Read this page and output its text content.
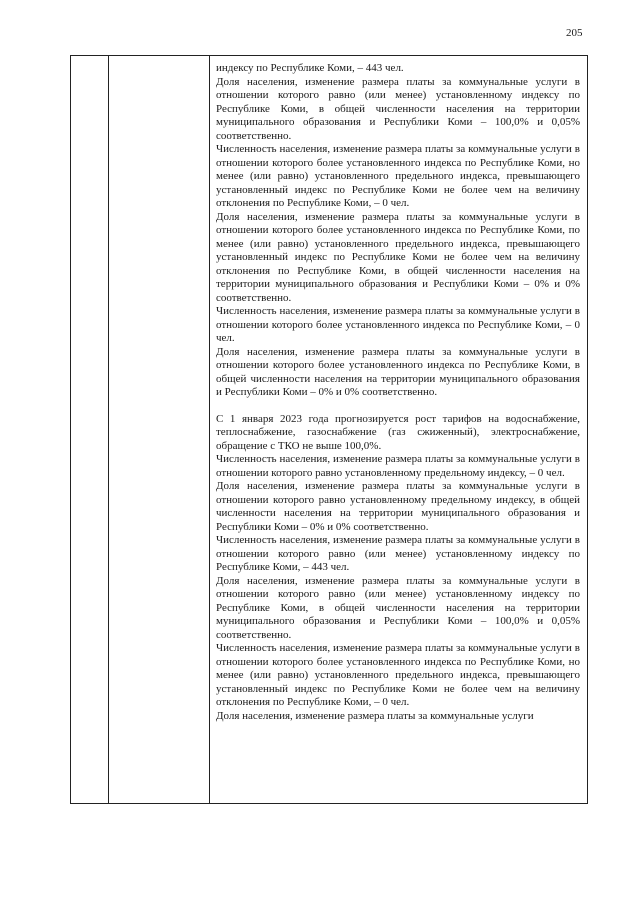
205

индексу по Республике Коми, – 443 чел.

Доля населения, изменение размера платы за коммунальные услуги в отношении которого равно (или менее) установленному индексу по Республике Коми, в общей численности населения на территории муниципального образования и Республики Коми – 100,0% и 0,05% соответственно.

Численность населения, изменение размера платы за коммунальные услуги в отношении которого более установленного индекса по Республике Коми, но менее (или равно) установленного предельного индекса, превышающего установленный индекс по Республике Коми не более чем на величину отклонения по Республике Коми, – 0 чел.

Доля населения, изменение размера платы за коммунальные услуги в отношении которого более установленного индекса по Республике Коми, по менее (или равно) установленного предельного индекса, превышающего установленный индекс по Республике Коми не более чем на величину отклонения по Республике Коми, в общей численности населения на территории муниципального образования и Республики Коми – 0% и 0% соответственно.

Численность населения, изменение размера платы за коммунальные услуги в отношении которого более установленного индекса по Республике Коми, – 0 чел.

Доля населения, изменение размера платы за коммунальные услуги в отношении которого более установленного индекса по Республике Коми, в общей численности населения на территории муниципального образования и Республики Коми – 0% и 0% соответственно.

С 1 января 2023 года прогнозируется рост тарифов на водоснабжение, теплоснабжение, газоснабжение (газ сжиженный), электроснабжение, обращение с ТКО не выше 100,0%.

Численность населения, изменение размера платы за коммунальные услуги в отношении которого равно установленному предельному индексу, – 0 чел.

Доля населения, изменение размера платы за коммунальные услуги в отношении которого равно установленному предельному индексу, в общей численности населения на территории муниципального образования и Республики Коми – 0% и 0% соответственно.

Численность населения, изменение размера платы за коммунальные услуги в отношении которого равно (или менее) установленному индексу по Республике Коми, – 443 чел.

Доля населения, изменение размера платы за коммунальные услуги в отношении которого равно (или менее) установленному индексу по Республике Коми, в общей численности населения на территории муниципального образования и Республики Коми – 100,0% и 0,05% соответственно.

Численность населения, изменение размера платы за коммунальные услуги в отношении которого более установленного индекса по Республике Коми, но менее (или равно) установленного предельного индекса, превышающего установленный индекс по Республике Коми не более чем на величину отклонения по Республике Коми, – 0 чел.

Доля населения, изменение размера платы за коммунальные услуги
